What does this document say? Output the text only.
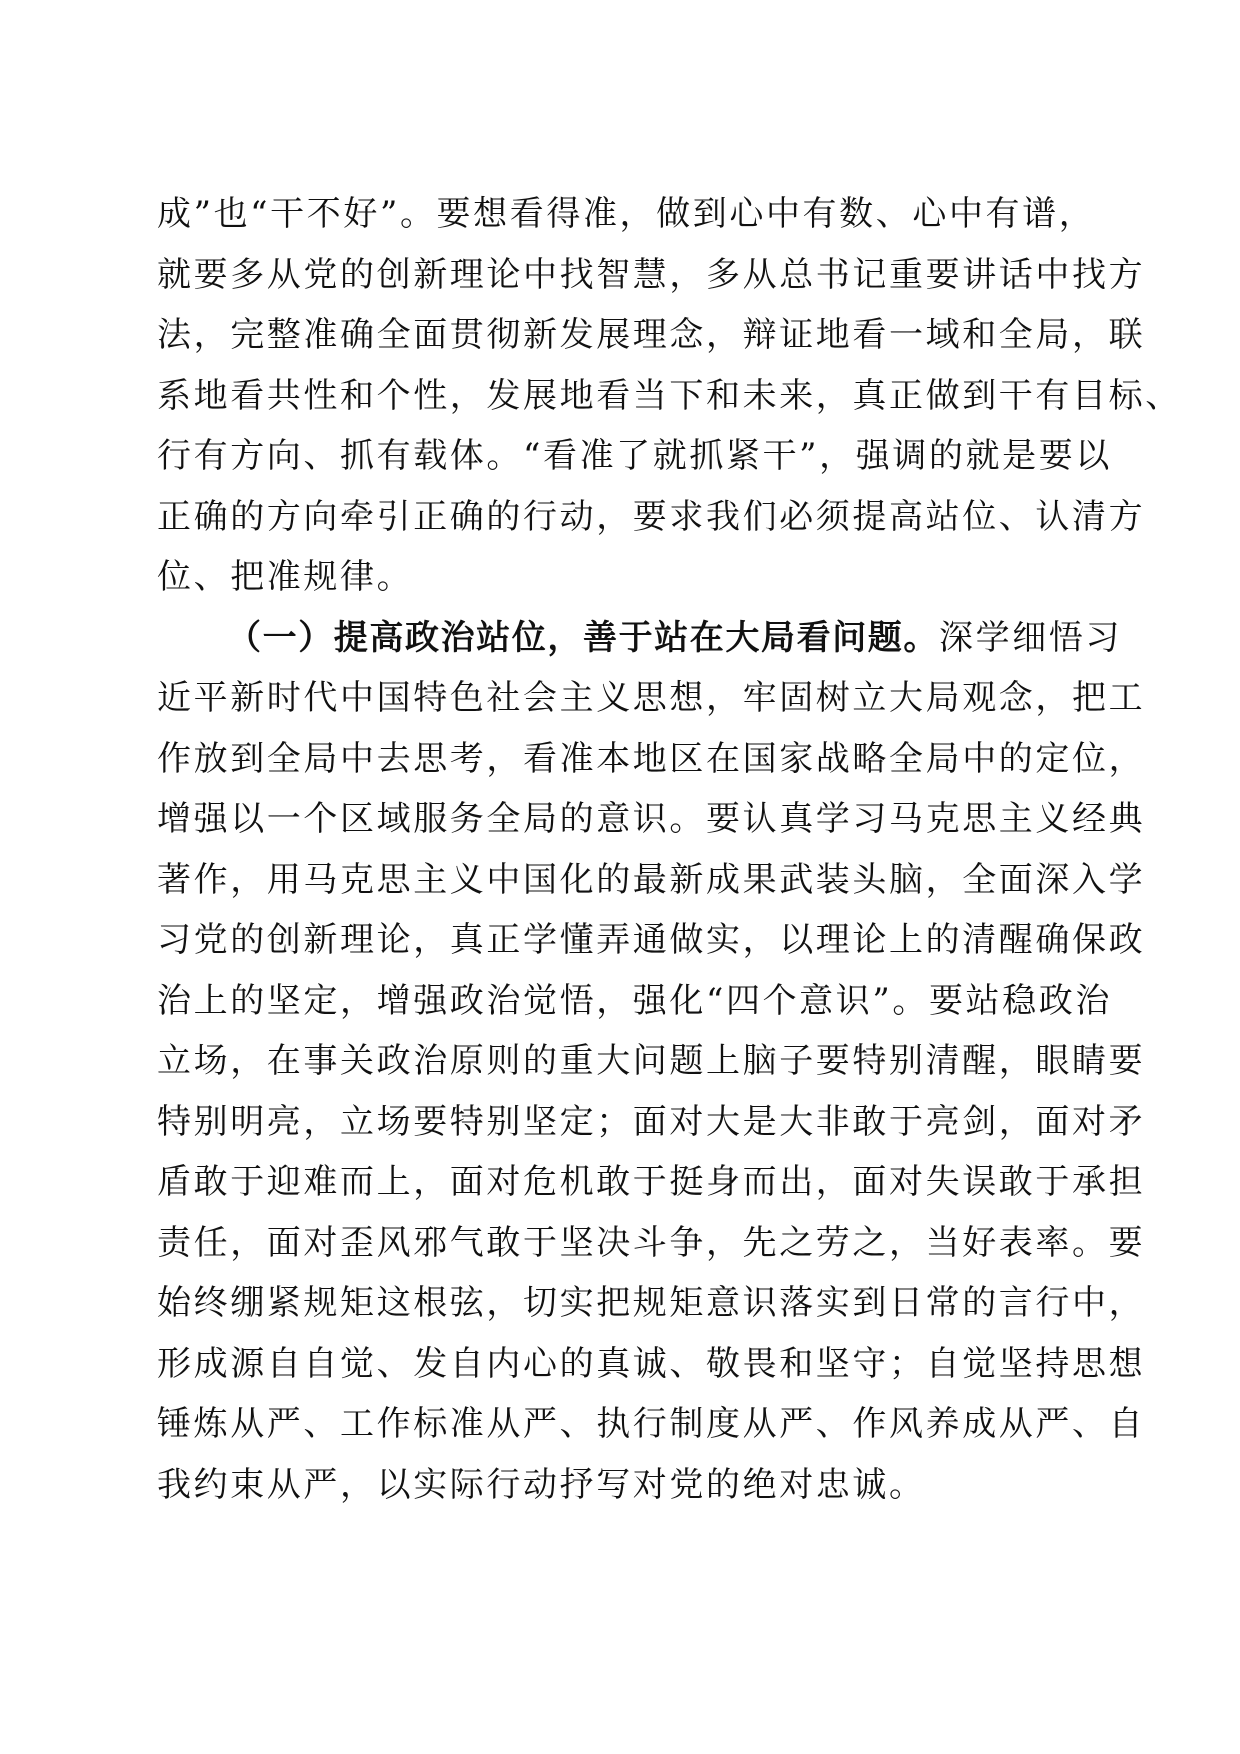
成”也“干不好”。要想看得准，做到心中有数、心中有谱，
就要多从党的创新理论中找智慧，多从总书记重要讲话中找方
法，完整准确全面贯彻新发展理念，辩证地看一域和全局，联
系地看共性和个性，发展地看当下和未来，真正做到干有目标、
行有方向、抓有载体。“看准了就抓紧干”，强调的就是要以
正确的方向牵引正确的行动，要求我们必须提高站位、认清方
位、把准规律。
（一）提高政治站位，善于站在大局看问题。深学细悟习
近平新时代中国特色社会主义思想，牢固树立大局观念，把工
作放到全局中去思考，看准本地区在国家战略全局中的定位，
增强以一个区域服务全局的意识。要认真学习马克思主义经典
著作，用马克思主义中国化的最新成果武装头脑，全面深入学
习党的创新理论，真正学懂弄通做实，以理论上的清醒确保政
治上的坚定，增强政治觉悟，强化“四个意识”。要站稳政治
立场，在事关政治原则的重大问题上脑子要特别清醒，眼睛要
特别明亮，立场要特别坚定；面对大是大非敢于亮剑，面对矛
盾敢于迎难而上，面对危机敢于挺身而出，面对失误敢于承担
责任，面对歪风邪气敢于坚决斗争，先之劳之，当好表率。要
始终绷紧规矩这根弦，切实把规矩意识落实到日常的言行中，
形成源自自觉、发自内心的真诚、敬畏和坚守；自觉坚持思想
锤炼从严、工作标准从严、执行制度从严、作风养成从严、自
我约束从严，以实际行动抒写对党的绝对忠诚。
